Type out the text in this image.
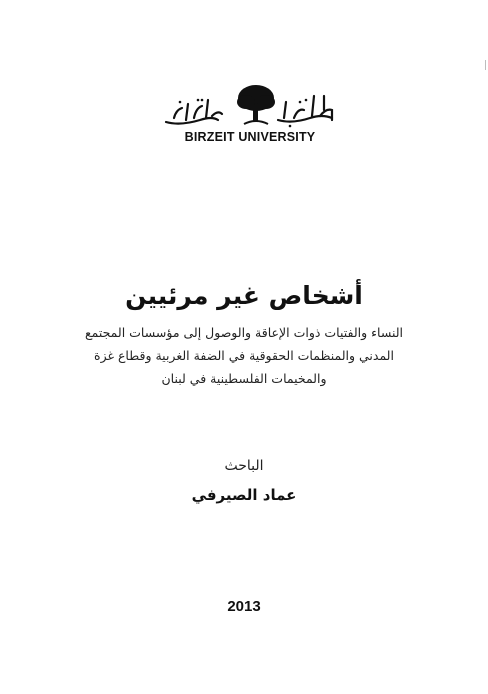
BIRZEIT UNIVERSITY
أشخاص غير مرئيين
النساء والفتيات ذوات الإعاقة والوصول إلى مؤسسات المجتمع
المدني والمنظمات الحقوقية في الضفة الغربية وقطاع غزة
والمخيمات الفلسطينية في لبنان
الباحث
عماد الصيرفي
2013
